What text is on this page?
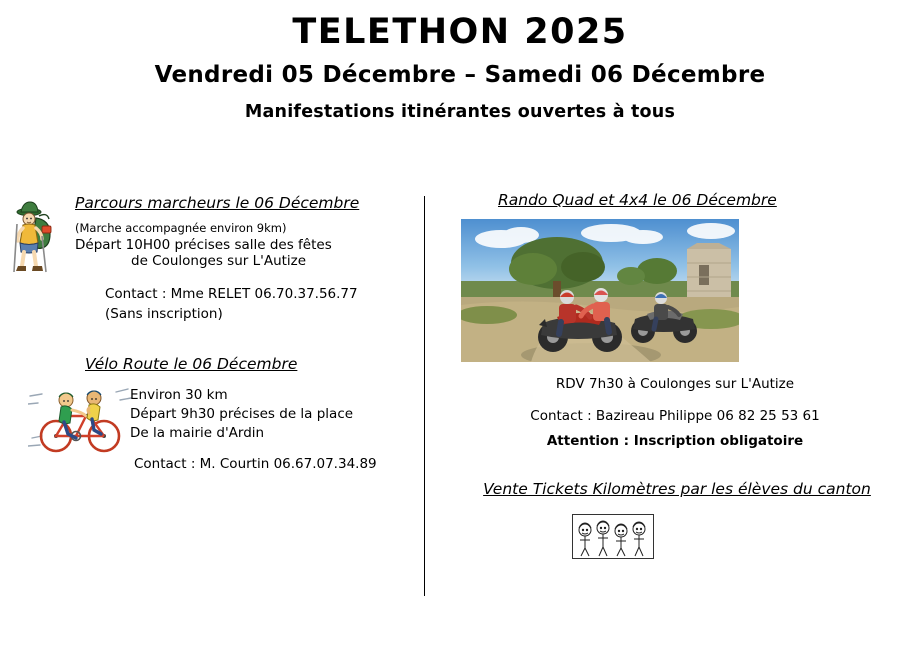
TELETHON 2025
Vendredi 05 Décembre – Samedi 06 Décembre
Manifestations itinérantes ouvertes à tous
Parcours marcheurs le 06 Décembre
(Marche accompagnée environ 9km)
Départ 10H00 précises salle des fêtes
de Coulonges sur L'Autize
Contact : Mme RELET 06.70.37.56.77
(Sans inscription)
Vélo Route le 06 Décembre
Environ 30 km
Départ 9h30 précises de la place
De la mairie d'Ardin
Contact : M. Courtin 06.67.07.34.89
Rando Quad et 4x4 le 06 Décembre
RDV 7h30 à Coulonges sur L'Autize
Contact : Bazireau Philippe 06 82 25 53 61
Attention : Inscription obligatoire
Vente Tickets Kilomètres par les élèves du canton
